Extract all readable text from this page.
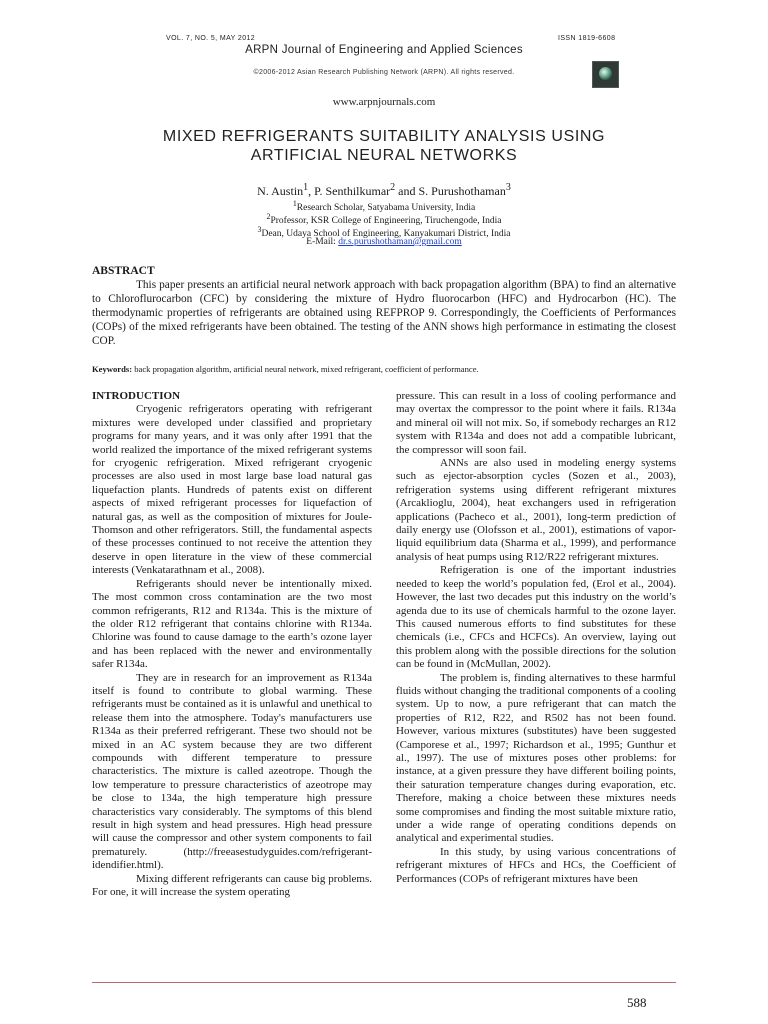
VOL. 7, NO. 5, MAY 2012	ISSN 1819-6608
ARPN Journal of Engineering and Applied Sciences
©2006-2012 Asian Research Publishing Network (ARPN). All rights reserved.
www.arpnjournals.com
MIXED REFRIGERANTS SUITABILITY ANALYSIS USING
ARTIFICIAL NEURAL NETWORKS
N. Austin$^1$, P. Senthilkumar$^2$ and S. Purushothaman$^3$
$^1$Research Scholar, Satyabama University, India
$^2$Professor, KSR College of Engineering, Tiruchengode, India
$^3$Dean, Udaya School of Engineering, Kanyakumari District, India
E-Mail: dr.s.purushothaman@gmail.com
ABSTRACT

This paper presents an artificial neural network approach with back propagation algorithm (BPA) to find an alternative to Chloroflurocarbon (CFC) by considering the mixture of Hydro fluorocarbon (HFC) and Hydrocarbon (HC). The thermodynamic properties of refrigerants are obtained using REFPROP 9. Correspondingly, the Coefficients of Performances (COPs) of the mixed refrigerants have been obtained. The testing of the ANN shows high performance in estimating the closest COP.

Keywords: back propagation algorithm, artificial neural network, mixed refrigerant, coefficient of performance.

INTRODUCTION

Cryogenic refrigerators operating with refrigerant mixtures were developed under classified and proprietary programs for many years, and it was only after 1991 that the world realized the importance of the mixed refrigerant systems for cryogenic refrigeration. Mixed refrigerant cryogenic processes are also used in most large base load natural gas liquefaction plants. Hundreds of patents exist on different aspects of mixed refrigerant processes for liquefaction of natural gas, as well as the composition of mixtures for Joule-Thomson and other refrigerators. Still, the fundamental aspects of these processes continued to not receive the attention they deserve in open literature in the view of these commercial interests (Venkatarathnam et al., 2008).

Refrigerants should never be intentionally mixed. The most common cross contamination are the two most common refrigerants, R12 and R134a. This is the mixture of the older R12 refrigerant that contains chlorine with R134a. Chlorine was found to cause damage to the earth’s ozone layer and has been replaced with the newer and environmentally safer R134a.

They are in research for an improvement as R134a itself is found to contribute to global warming. These refrigerants must be contained as it is unlawful and unethical to release them into the atmosphere. Today's manufacturers use R134a as their preferred refrigerant. These two should not be mixed in an AC system because they are two different compounds with different temperature to pressure characteristics. The mixture is called azeotrope. Though the low temperature to pressure characteristics of azeotrope may be close to 134a, the high temperature high pressure characteristics vary considerably. The symptoms of this blend result in high system and head pressures. High head pressure will cause the compressor and other system components to fail prematurely. (http://freeasestudyguides.com/refrigerant-idendifier.html).

Mixing different refrigerants can cause big problems. For one, it will increase the system operating

pressure. This can result in a loss of cooling performance and may overtax the compressor to the point where it fails. R134a and mineral oil will not mix. So, if somebody recharges an R12 system with R134a and does not add a compatible lubricant, the compressor will soon fail.

ANNs are also used in modeling energy systems such as ejector-absorption cycles (Sozen et al., 2003), refrigeration systems using different refrigerant mixtures (Arcaklioglu, 2004), heat exchangers used in refrigeration applications (Pacheco et al., 2001), long-term prediction of daily energy use (Olofsson et al., 2001), estimations of vapor-liquid equilibrium data (Sharma et al., 1999), and performance analysis of heat pumps using R12/R22 refrigerant mixtures.

Refrigeration is one of the important industries needed to keep the world’s population fed, (Erol et al., 2004). However, the last two decades put this industry on the world’s agenda due to its use of chemicals harmful to the ozone layer. This caused numerous efforts to find substitutes for these chemicals (i.e., CFCs and HCFCs). An overview, laying out this problem along with the possible directions for the solution can be found in (McMullan, 2002).

The problem is, finding alternatives to these harmful fluids without changing the traditional components of a cooling system. Up to now, a pure refrigerant that can match the properties of R12, R22, and R502 has not been found. However, various mixtures (substitutes) have been suggested (Camporese et al., 1997; Richardson et al., 1995; Gunthur et al., 1997). The use of mixtures poses other problems: for instance, at a given pressure they have different boiling points, their saturation temperature changes during evaporation, etc. Therefore, making a choice between these mixtures needs some compromises and finding the most suitable mixture ratio, under a wide range of operating conditions depends on analytical and experimental studies.

In this study, by using various concentrations of refrigerant mixtures of HFCs and HCs, the Coefficient of Performances (COPs of refrigerant mixtures have been

588
